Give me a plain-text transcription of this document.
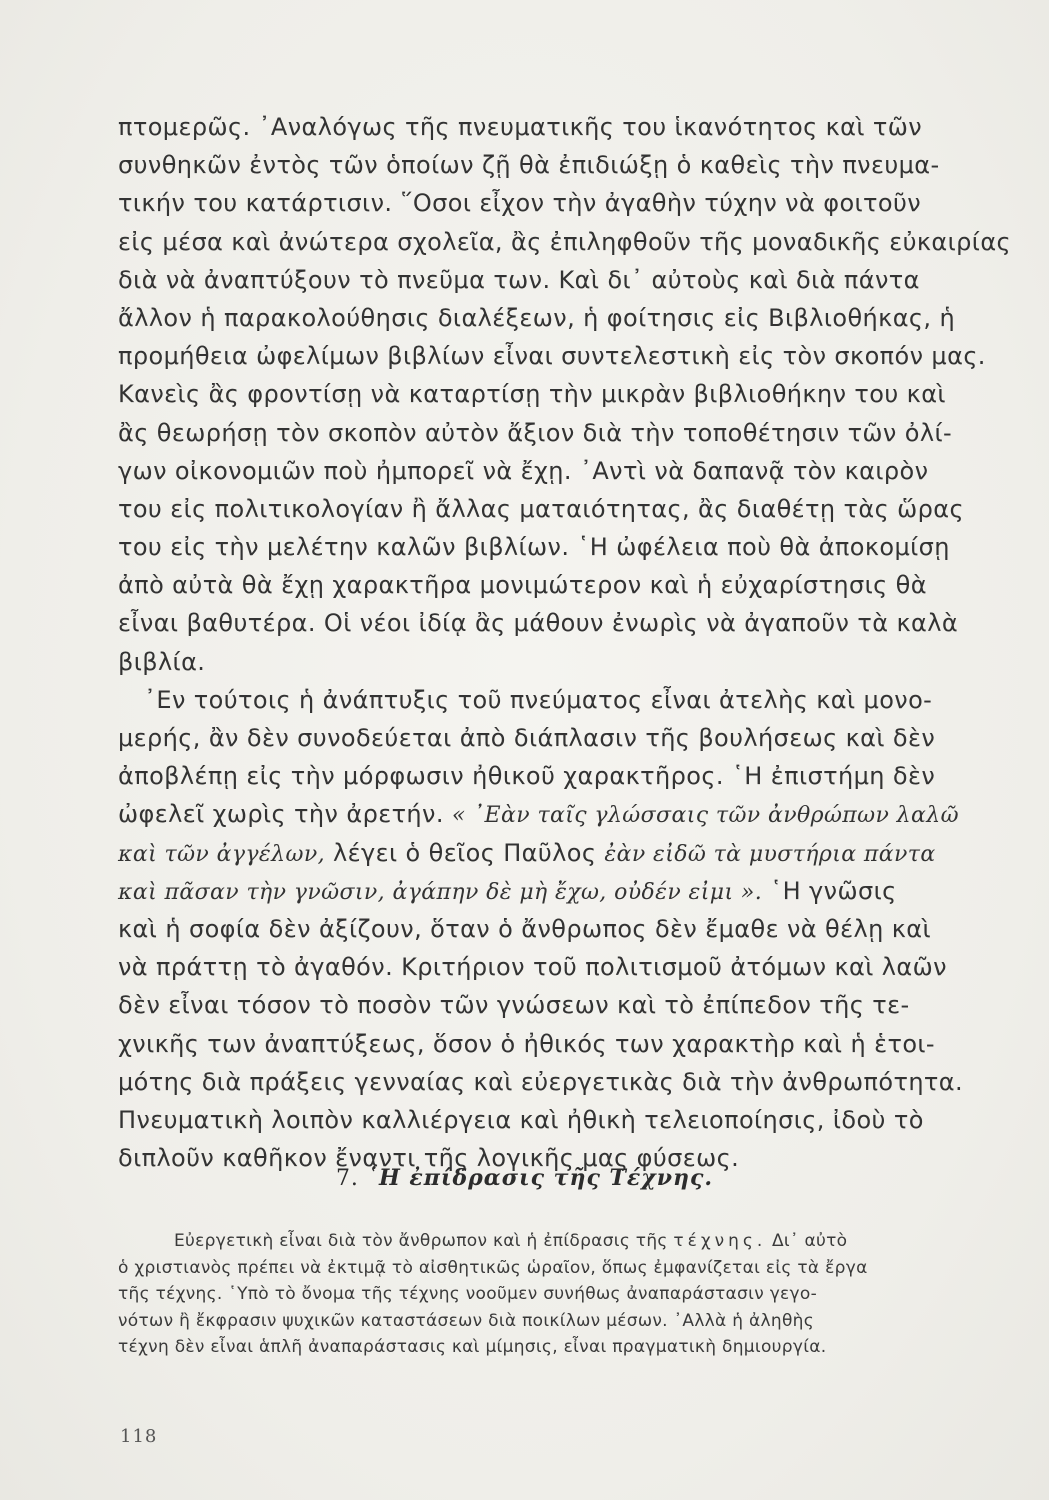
πτομερῶς. ᾿Αναλόγως τῆς πνευματικῆς του ἱκανότητος καὶ τῶν
συνθηκῶν ἐντὸς τῶν ὁποίων ζῇ θὰ ἐπιδιώξῃ ὁ καθεὶς τὴν πνευμα-
τικήν του κατάρτισιν. ῞Οσοι εἶχον τὴν ἀγαθὴν τύχην νὰ φοιτοῦν
εἰς μέσα καὶ ἀνώτερα σχολεῖα, ἂς ἐπιληφθοῦν τῆς μοναδικῆς εὐκαιρίας
διὰ νὰ ἀναπτύξουν τὸ πνεῦμα των. Καὶ δι᾿ αὐτοὺς καὶ διὰ πάντα
ἄλλον ἡ παρακολούθησις διαλέξεων, ἡ φοίτησις εἰς Βιβλιοθήκας, ἡ
προμήθεια ὠφελίμων βιβλίων εἶναι συντελεστικὴ εἰς τὸν σκοπόν μας.
Κανεὶς ἂς φροντίσῃ νὰ καταρτίσῃ τὴν μικρὰν βιβλιοθήκην του καὶ
ἂς θεωρήσῃ τὸν σκοπὸν αὐτὸν ἄξιον διὰ τὴν τοποθέτησιν τῶν ὀλί-
γων οἰκονομιῶν ποὺ ἠμπορεῖ νὰ ἔχῃ. ᾿Αντὶ νὰ δαπανᾷ τὸν καιρὸν
του εἰς πολιτικολογίαν ἢ ἄλλας ματαιότητας, ἂς διαθέτῃ τὰς ὥρας
του εἰς τὴν μελέτην καλῶν βιβλίων. ῾Η ὠφέλεια ποὺ θὰ ἀποκομίσῃ
ἀπὸ αὐτὰ θὰ ἔχῃ χαρακτῆρα μονιμώτερον καὶ ἡ εὐχαρίστησις θὰ
εἶναι βαθυτέρα. Οἱ νέοι ἰδίᾳ ἂς μάθουν ἐνωρὶς νὰ ἀγαποῦν τὰ καλὰ
βιβλία.
᾿Εν τούτοις ἡ ἀνάπτυξις τοῦ πνεύματος εἶναι ἀτελὴς καὶ μονο-
μερής, ἂν δὲν συνοδεύεται ἀπὸ διάπλασιν τῆς βουλήσεως καὶ δὲν
ἀποβλέπῃ εἰς τὴν μόρφωσιν ἠθικοῦ χαρακτῆρος. ῾Η ἐπιστήμη δὲν
ὠφελεῖ χωρὶς τὴν ἀρετήν. « ᾿Εὰν ταῖς γλώσσαις τῶν ἀνθρώπων λαλῶ
καὶ τῶν ἀγγέλων, λέγει ὁ θεῖος Παῦλος ἐὰν εἰδῶ τὰ μυστήρια πάντα
καὶ πᾶσαν τὴν γνῶσιν, ἀγάπην δὲ μὴ ἔχω, οὐδέν εἰμι ». ῾Η γνῶσις
καὶ ἡ σοφία δὲν ἀξίζουν, ὅταν ὁ ἄνθρωπος δὲν ἔμαθε νὰ θέλῃ καὶ
νὰ πράττῃ τὸ ἀγαθόν. Κριτήριον τοῦ πολιτισμοῦ ἀτόμων καὶ λαῶν
δὲν εἶναι τόσον τὸ ποσὸν τῶν γνώσεων καὶ τὸ ἐπίπεδον τῆς τε-
χνικῆς των ἀναπτύξεως, ὅσον ὁ ἠθικός των χαρακτὴρ καὶ ἡ ἑτοι-
μότης διὰ πράξεις γενναίας καὶ εὐεργετικὰς διὰ τὴν ἀνθρωπότητα.
Πνευματικὴ λοιπὸν καλλιέργεια καὶ ἠθικὴ τελειοποίησις, ἰδοὺ τὸ
διπλοῦν καθῆκον ἔναντι τῆς λογικῆς μας φύσεως.
7. ῾Η ἐπίδρασις τῆς Τέχνης.
Εὐεργετικὴ εἶναι διὰ τὸν ἄνθρωπον καὶ ἡ ἐπίδρασις τῆς τέχνης. Δι᾿ αὐτὸ
ὁ χριστιανὸς πρέπει νὰ ἐκτιμᾷ τὸ αἰσθητικῶς ὡραῖον, ὅπως ἐμφανίζεται εἰς τὰ ἔργα
τῆς τέχνης. ῾Υπὸ τὸ ὄνομα τῆς τέχνης νοοῦμεν συνήθως ἀναπαράστασιν γεγο-
νότων ἢ ἔκφρασιν ψυχικῶν καταστάσεων διὰ ποικίλων μέσων. ᾿Αλλὰ ἡ ἀληθὴς
τέχνη δὲν εἶναι ἁπλῆ ἀναπαράστασις καὶ μίμησις, εἶναι πραγματικὴ δημιουργία.
118
